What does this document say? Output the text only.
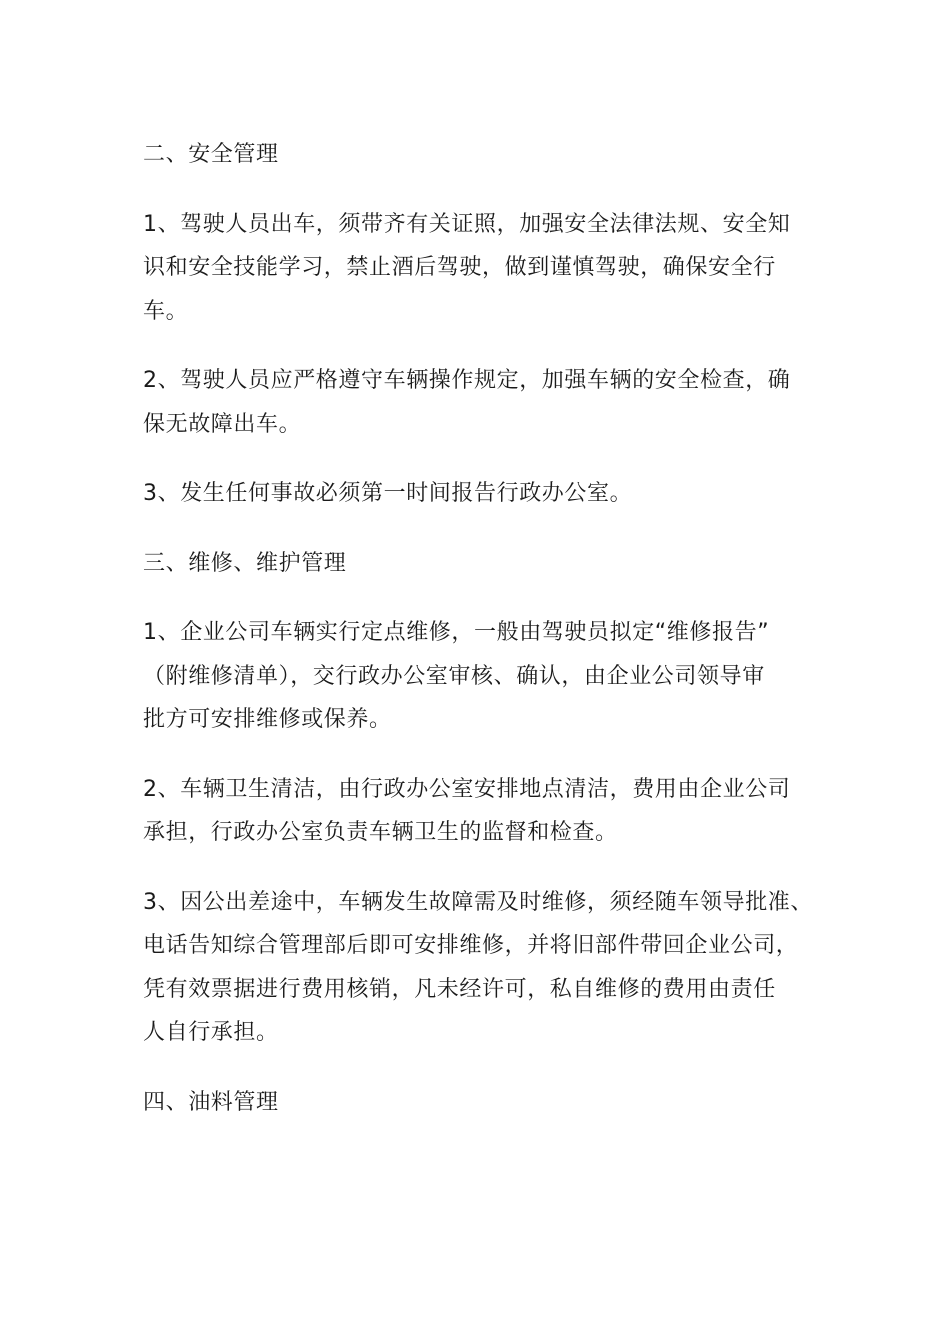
二、安全管理
1、驾驶人员出车，须带齐有关证照，加强安全法律法规、安全知
识和安全技能学习，禁止酒后驾驶，做到谨慎驾驶，确保安全行
车。
2、驾驶人员应严格遵守车辆操作规定，加强车辆的安全检查，确
保无故障出车。
3、发生任何事故必须第一时间报告行政办公室。
三、维修、维护管理
1、企业公司车辆实行定点维修，一般由驾驶员拟定“维修报告”
（附维修清单），交行政办公室审核、确认，由企业公司领导审
批方可安排维修或保养。
2、车辆卫生清洁，由行政办公室安排地点清洁，费用由企业公司
承担，行政办公室负责车辆卫生的监督和检查。
3、因公出差途中，车辆发生故障需及时维修，须经随车领导批准、
电话告知综合管理部后即可安排维修，并将旧部件带回企业公司，
凭有效票据进行费用核销，凡未经许可，私自维修的费用由责任
人自行承担。
四、油料管理
